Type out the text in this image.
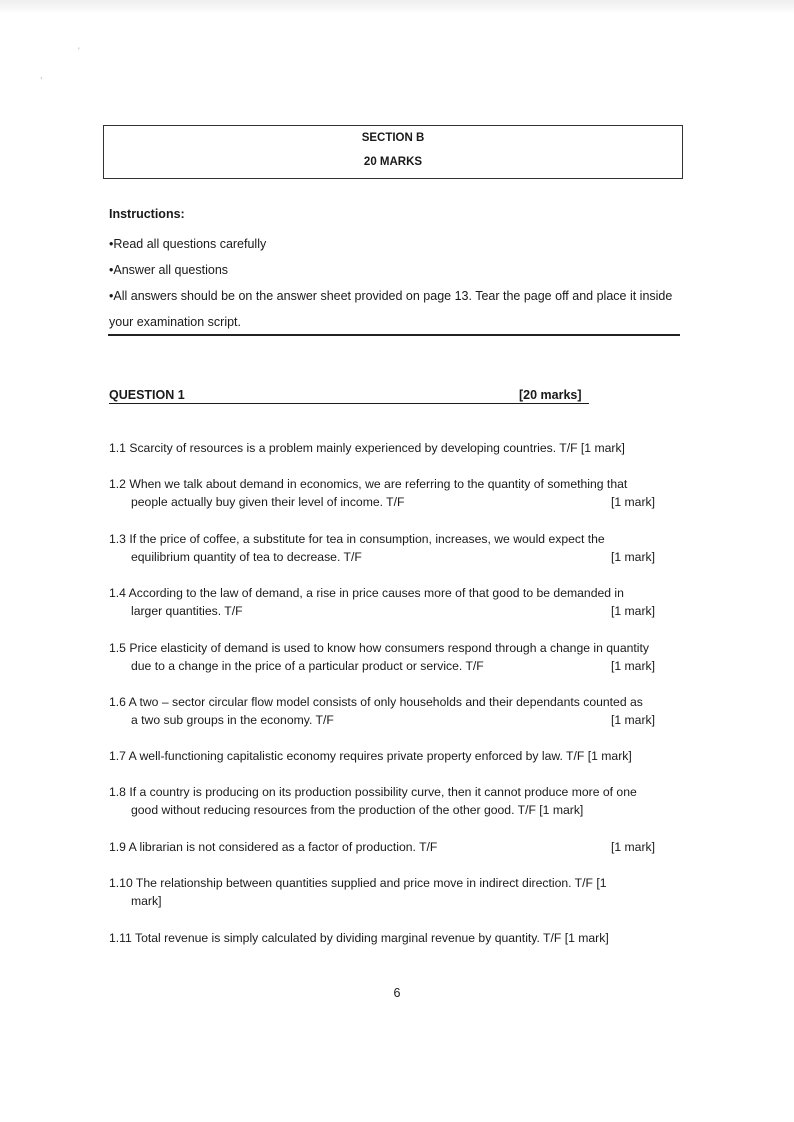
'
,
SECTION B
20 MARKS
Instructions:
•Read all questions carefully
•Answer all questions
•All answers should be on the answer sheet provided on page 13. Tear the page off and place it inside
your examination script.
QUESTION 1	[20 marks]
1.1 Scarcity of resources is a problem mainly experienced by developing countries. T/F [1 mark]
1.2 When we talk about demand in economics, we are referring to the quantity of something that
people actually buy given their level of income. T/F	[1 mark]
1.3 If the price of coffee, a substitute for tea in consumption, increases, we would expect the
equilibrium quantity of tea to decrease. T/F	[1 mark]
1.4 According to the law of demand, a rise in price causes more of that good to be demanded in
larger quantities. T/F	[1 mark]
1.5 Price elasticity of demand is used to know how consumers respond through a change in quantity
due to a change in the price of a particular product or service. T/F	[1 mark]
1.6 A two – sector circular flow model consists of only households and their dependants counted as
a two sub groups in the economy. T/F	[1 mark]
1.7 A well-functioning capitalistic economy requires private property enforced by law. T/F [1 mark]
1.8 If a country is producing on its production possibility curve, then it cannot produce more of one
good without reducing resources from the production of the other good. T/F [1 mark]
1.9 A librarian is not considered as a factor of production. T/F	[1 mark]
1.10 The relationship between quantities supplied and price move in indirect direction. T/F [1
mark]
1.11 Total revenue is simply calculated by dividing marginal revenue by quantity. T/F [1 mark]
6
